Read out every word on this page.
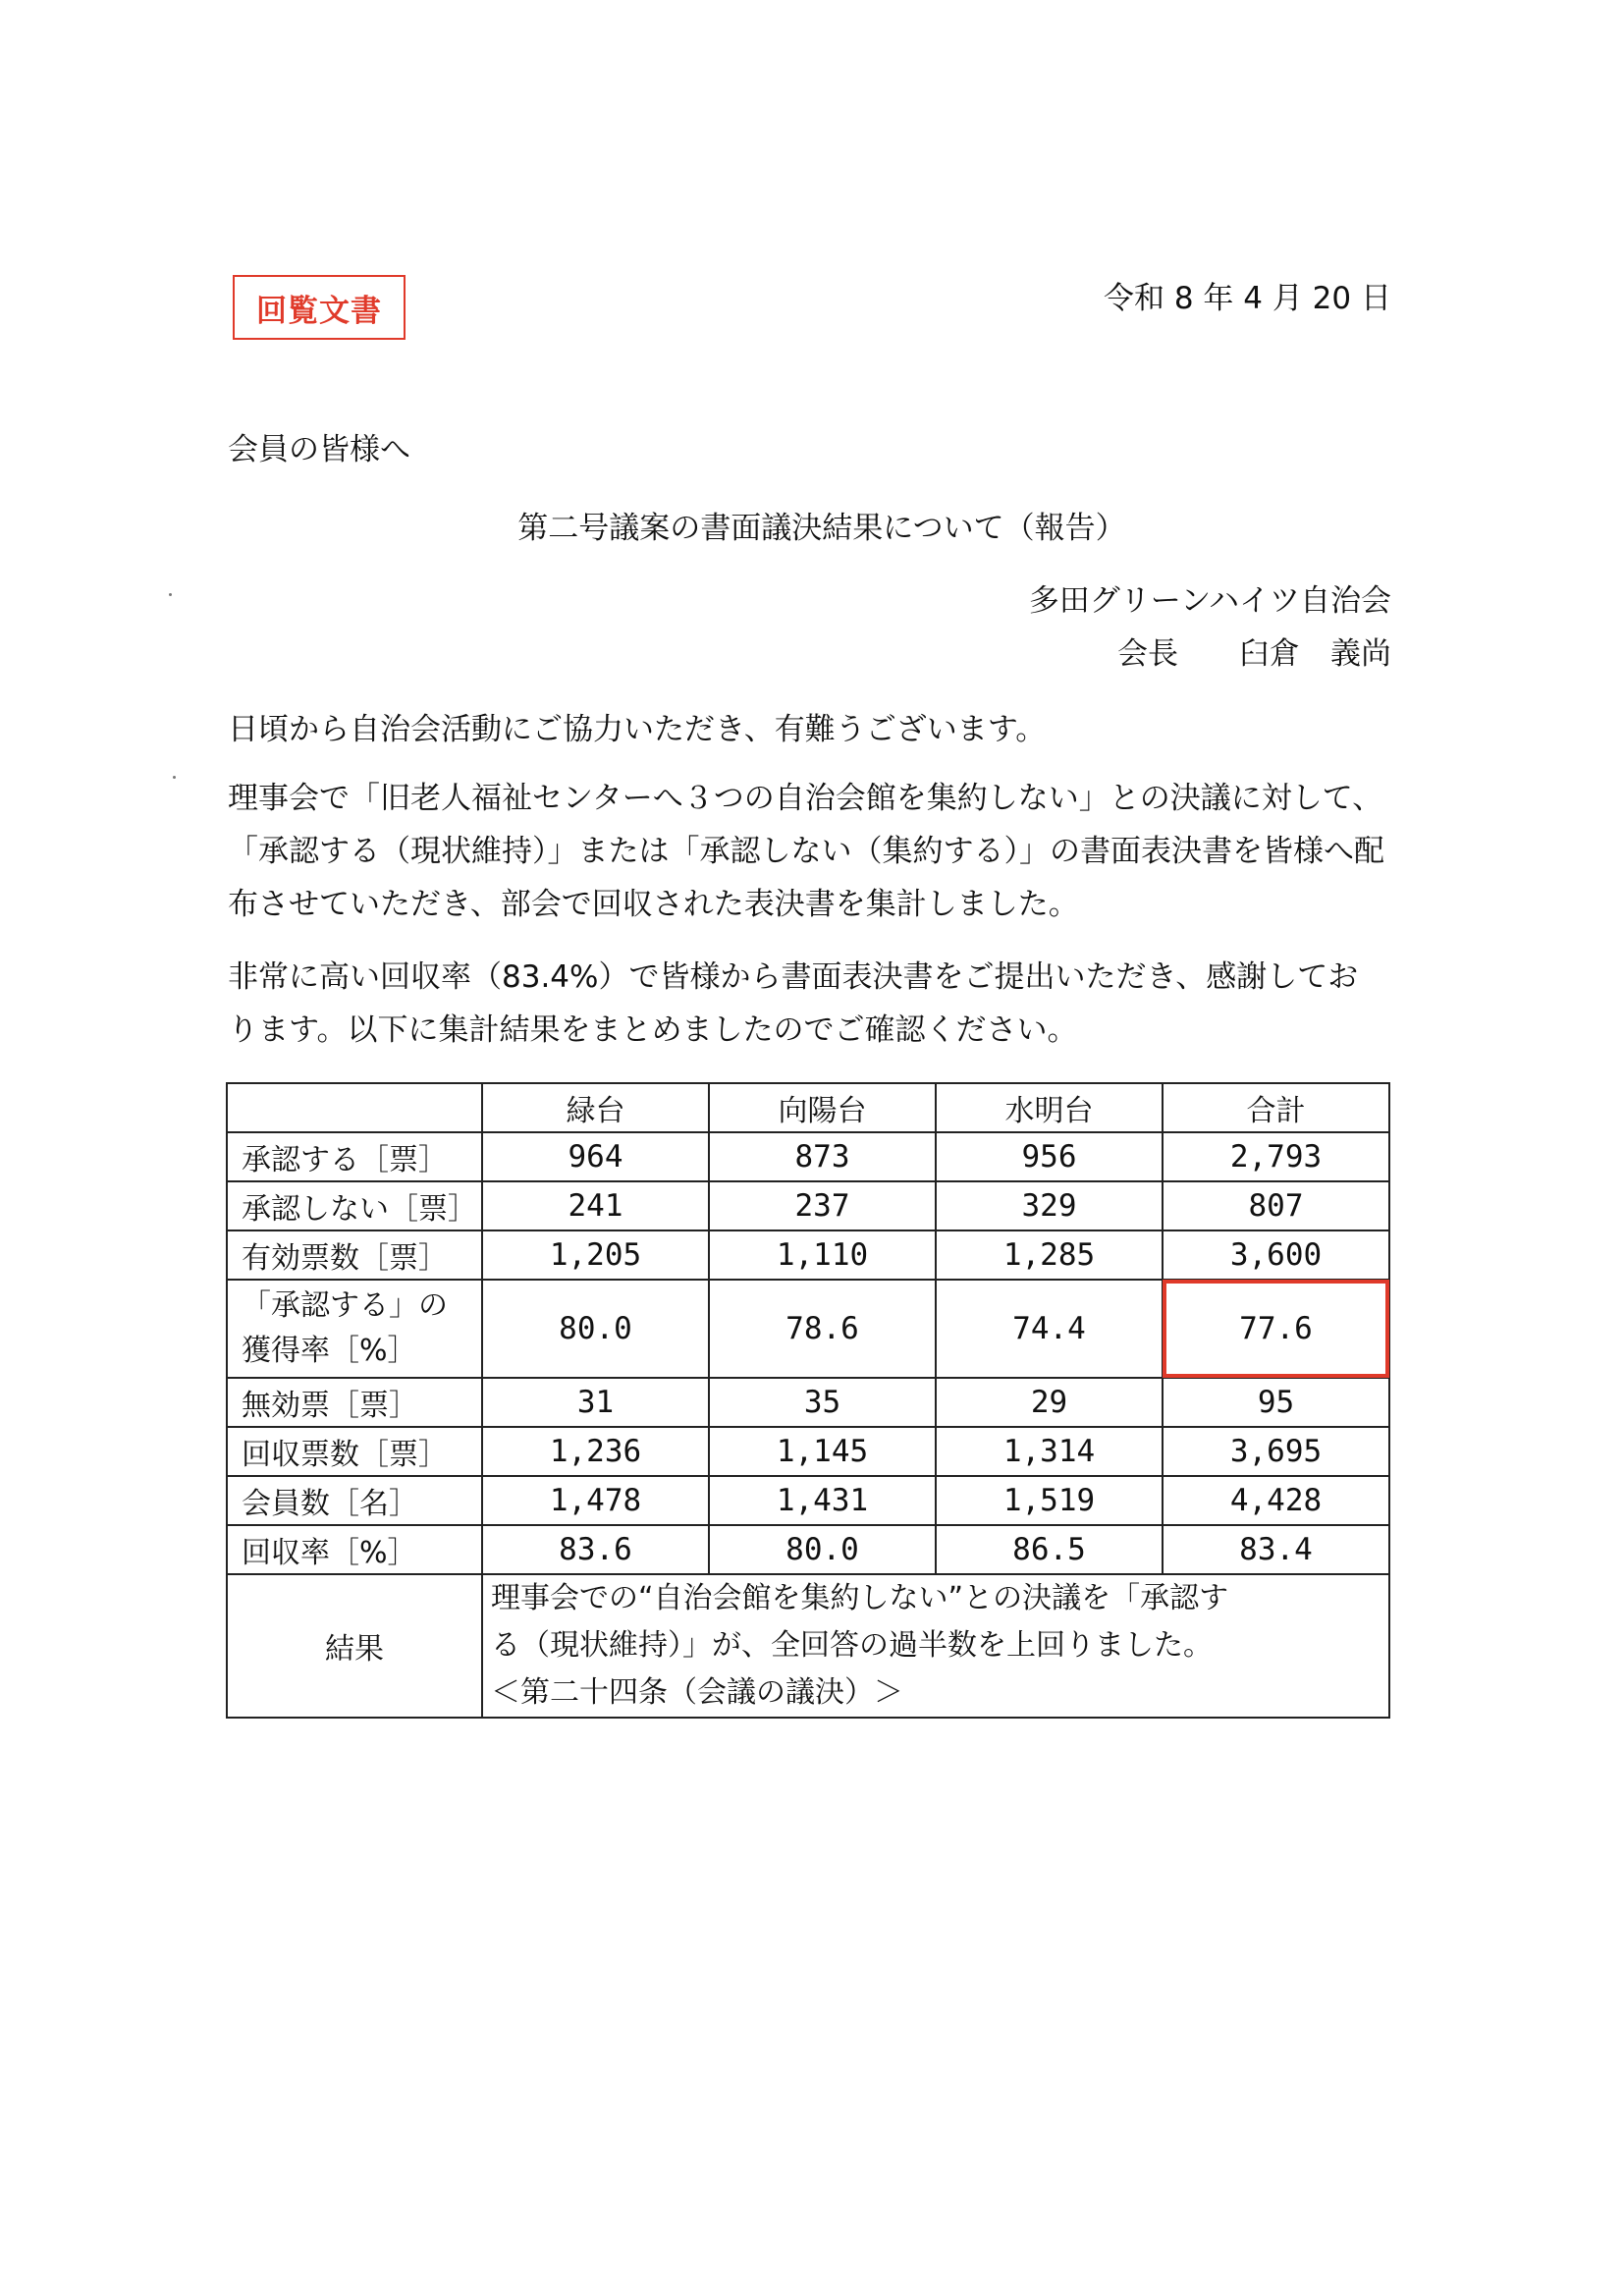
回覧文書	令和 8 年 4 月 20 日
会員の皆様へ
第二号議案の書面議決結果について（報告）
多田グリーンハイツ自治会
会長　　臼倉　義尚

日頃から自治会活動にご協力いただき、有難うございます。

理事会で「旧老人福祉センターへ３つの自治会館を集約しない」との決議に対して、「承認する（現状維持）」または「承認しない（集約する）」の書面表決書を皆様へ配布させていただき、部会で回収された表決書を集計しました。

非常に高い回収率（83.4%）で皆様から書面表決書をご提出いただき、感謝しております。以下に集計結果をまとめましたのでご確認ください。

	緑台	向陽台	水明台	合計
承認する［票］	964	873	956	2,793
承認しない［票］	241	237	329	807
有効票数［票］	1,205	1,110	1,285	3,600

「承認する」の
獲得率［%］	80.0	78.6	74.4	77.6
無効票［票］	31	35	29	95
回収票数［票］	1,236	1,145	1,314	3,695
会員数［名］	1,478	1,431	1,519	4,428
回収率［%］	83.6	80.0	86.5	83.4
結果	理事会での“自治会館を集約しない”との決議を「承認す
る（現状維持）」が、全回答の過半数を上回りました。
＜第二十四条（会議の議決）＞			
